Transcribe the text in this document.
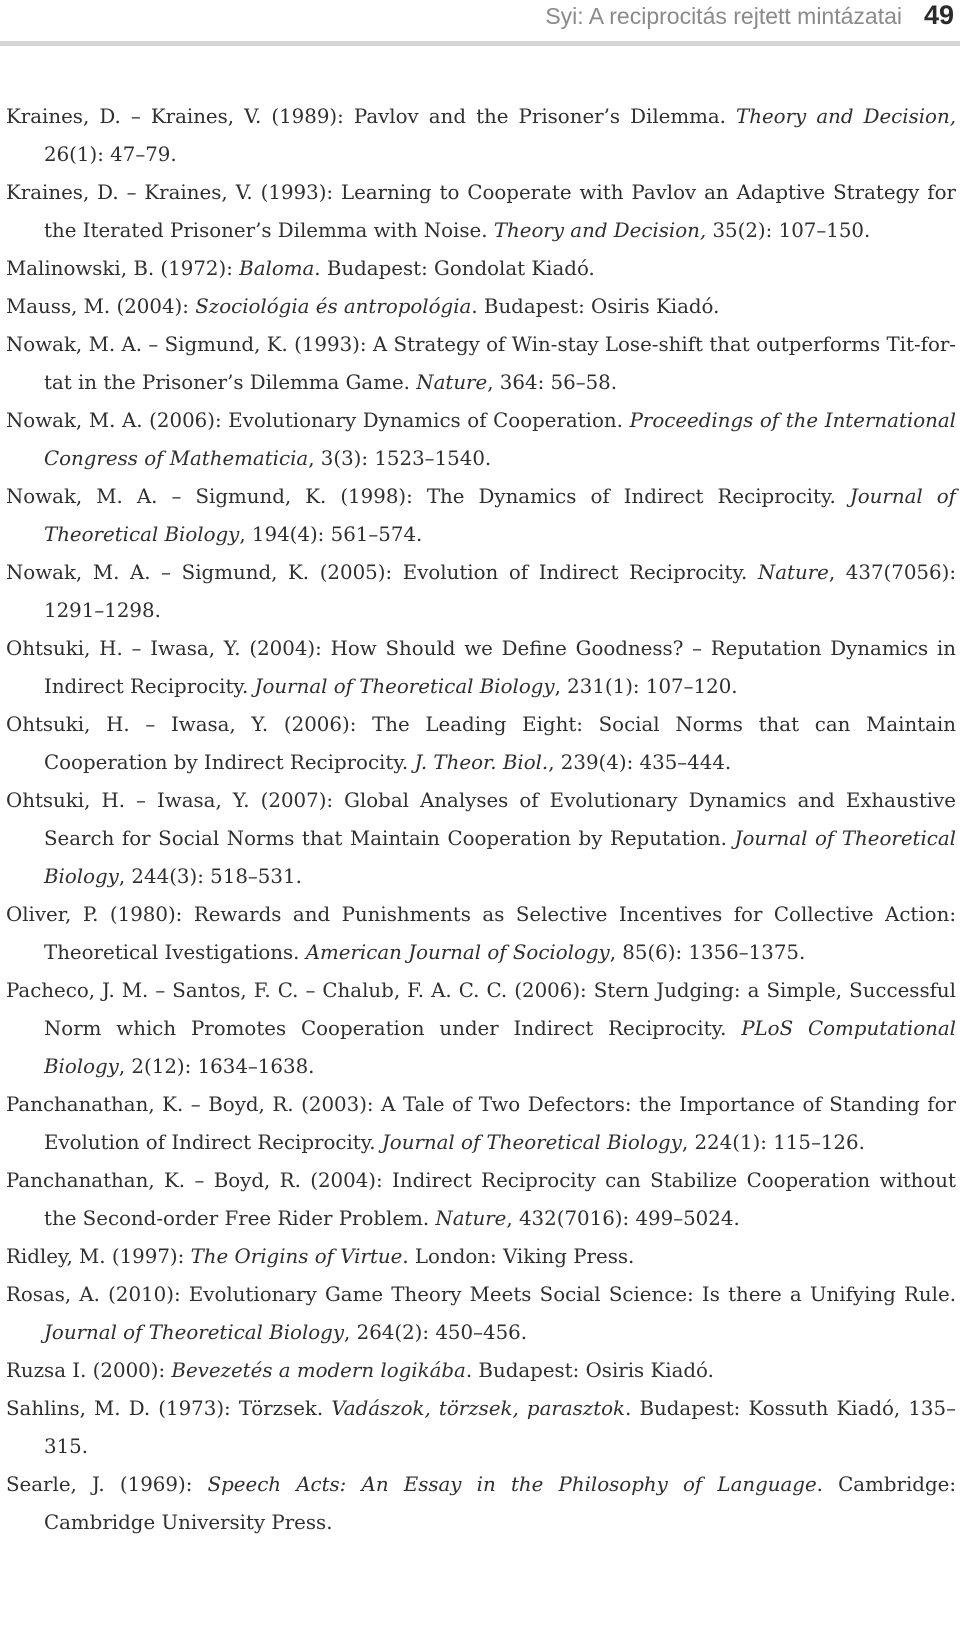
Syi: A reciprocitás rejtett mintázatai 49

Kraines, D. – Kraines, V. (1989): Pavlov and the Prisoner’s Dilemma. Theory and Decision, 26(1): 47–79.

Kraines, D. – Kraines, V. (1993): Learning to Cooperate with Pavlov an Adaptive Strategy for the Iterated Prisoner’s Dilemma with Noise. Theory and Decision, 35(2): 107–150.

Malinowski, B. (1972): Baloma. Budapest: Gondolat Kiadó.

Mauss, M. (2004): Szociológia és antropológia. Budapest: Osiris Kiadó.

Nowak, M. A. – Sigmund, K. (1993): A Strategy of Win-stay Lose-shift that outperforms Tit-for-tat in the Prisoner’s Dilemma Game. Nature, 364: 56–58.

Nowak, M. A. (2006): Evolutionary Dynamics of Cooperation. Proceedings of the International Congress of Mathematicia, 3(3): 1523–1540.

Nowak, M. A. – Sigmund, K. (1998): The Dynamics of Indirect Reciprocity. Journal of Theoretical Biology, 194(4): 561–574.

Nowak, M. A. – Sigmund, K. (2005): Evolution of Indirect Reciprocity. Nature, 437(7056): 1291–1298.

Ohtsuki, H. – Iwasa, Y. (2004): How Should we Define Goodness? – Reputation Dynamics in Indirect Reciprocity. Journal of Theoretical Biology, 231(1): 107–120.

Ohtsuki, H. – Iwasa, Y. (2006): The Leading Eight: Social Norms that can Maintain Cooperation by Indirect Reciprocity. J. Theor. Biol., 239(4): 435–444.

Ohtsuki, H. – Iwasa, Y. (2007): Global Analyses of Evolutionary Dynamics and Exhaustive Search for Social Norms that Maintain Cooperation by Reputation. Journal of Theoretical Biology, 244(3): 518–531.

Oliver, P. (1980): Rewards and Punishments as Selective Incentives for Collective Action: Theoretical Ivestigations. American Journal of Sociology, 85(6): 1356–1375.

Pacheco, J. M. – Santos, F. C. – Chalub, F. A. C. C. (2006): Stern Judging: a Simple, Successful Norm which Promotes Cooperation under Indirect Reciprocity. PLoS Computational Biology, 2(12): 1634–1638.

Panchanathan, K. – Boyd, R. (2003): A Tale of Two Defectors: the Importance of Standing for Evolution of Indirect Reciprocity. Journal of Theoretical Biology, 224(1): 115–126.

Panchanathan, K. – Boyd, R. (2004): Indirect Reciprocity can Stabilize Cooperation without the Second-order Free Rider Problem. Nature, 432(7016): 499–5024.

Ridley, M. (1997): The Origins of Virtue. London: Viking Press.

Rosas, A. (2010): Evolutionary Game Theory Meets Social Science: Is there a Unifying Rule. Journal of Theoretical Biology, 264(2): 450–456.

Ruzsa I. (2000): Bevezetés a modern logikába. Budapest: Osiris Kiadó.

Sahlins, M. D. (1973): Törzsek. Vadászok, törzsek, parasztok. Budapest: Kossuth Kiadó, 135–315.

Searle, J. (1969): Speech Acts: An Essay in the Philosophy of Language. Cambridge: Cambridge University Press.
